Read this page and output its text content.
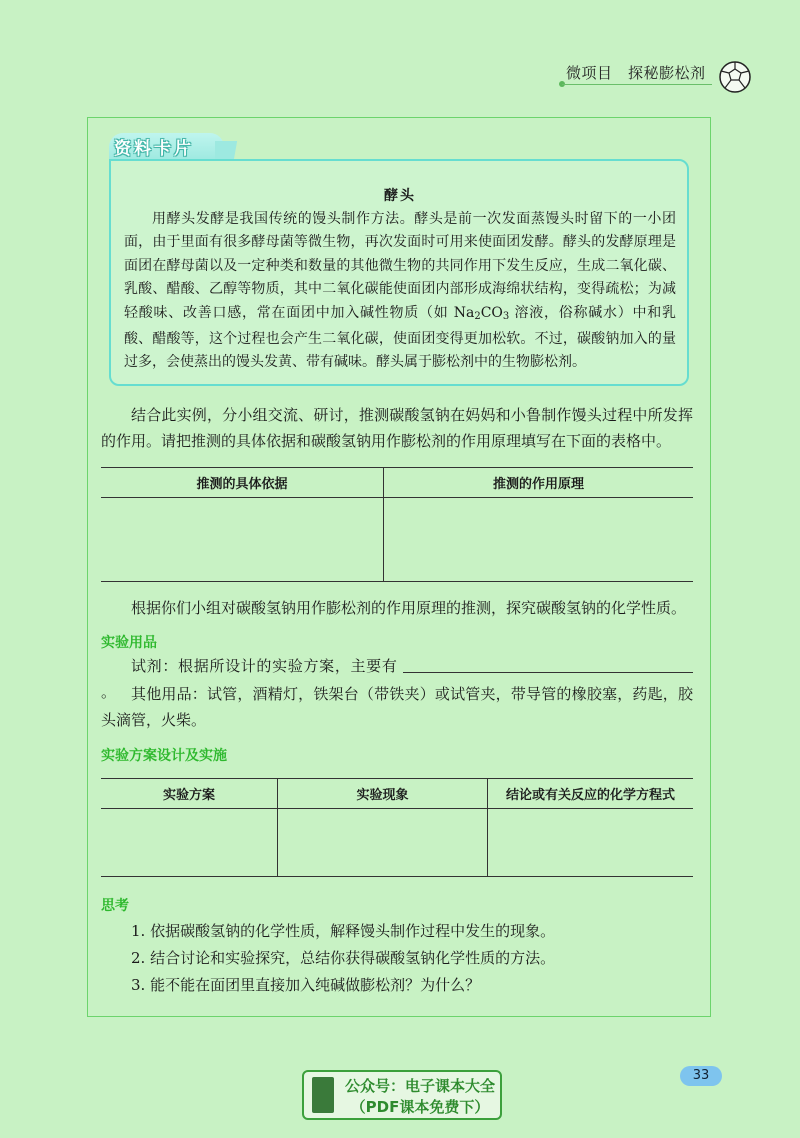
微项目　探秘膨松剂
资料卡片
酵头
用酵头发酵是我国传统的馒头制作方法。酵头是前一次发面蒸馒头时留下的一小团面，由于里面有很多酵母菌等微生物，再次发面时可用来使面团发酵。酵头的发酵原理是面团在酵母菌以及一定种类和数量的其他微生物的共同作用下发生反应，生成二氧化碳、乳酸、醋酸、乙醇等物质，其中二氧化碳能使面团内部形成海绵状结构，变得疏松；为减轻酸味、改善口感，常在面团中加入碱性物质（如 $Na_2CO_3$ 溶液，俗称碱水）中和乳酸、醋酸等，这个过程也会产生二氧化碳，使面团变得更加松软。不过，碳酸钠加入的量过多，会使蒸出的馒头发黄、带有碱味。酵头属于膨松剂中的生物膨松剂。
结合此实例，分小组交流、研讨，推测碳酸氢钠在妈妈和小鲁制作馒头过程中所发挥的作用。请把推测的具体依据和碳酸氢钠用作膨松剂的作用原理填写在下面的表格中。
推测的具体依据	推测的作用原理

根据你们小组对碳酸氢钠用作膨松剂的作用原理的推测，探究碳酸氢钠的化学性质。
实验用品
试剂：根据所设计的实验方案，主要有 。 其他用品：试管，酒精灯，铁架台（带铁夹）或试管夹，带导管的橡胶塞，药匙，胶头滴管，火柴。
实验方案设计及实施
实验方案	实验现象	结论或有关反应的化学方程式

思考
1. 依据碳酸氢钠的化学性质，解释馒头制作过程中发生的现象。
2. 结合讨论和实验探究，总结你获得碳酸氢钠化学性质的方法。
3. 能不能在面团里直接加入纯碱做膨松剂？为什么？
33
公众号：电子课本大全
（PDF课本免费下）
